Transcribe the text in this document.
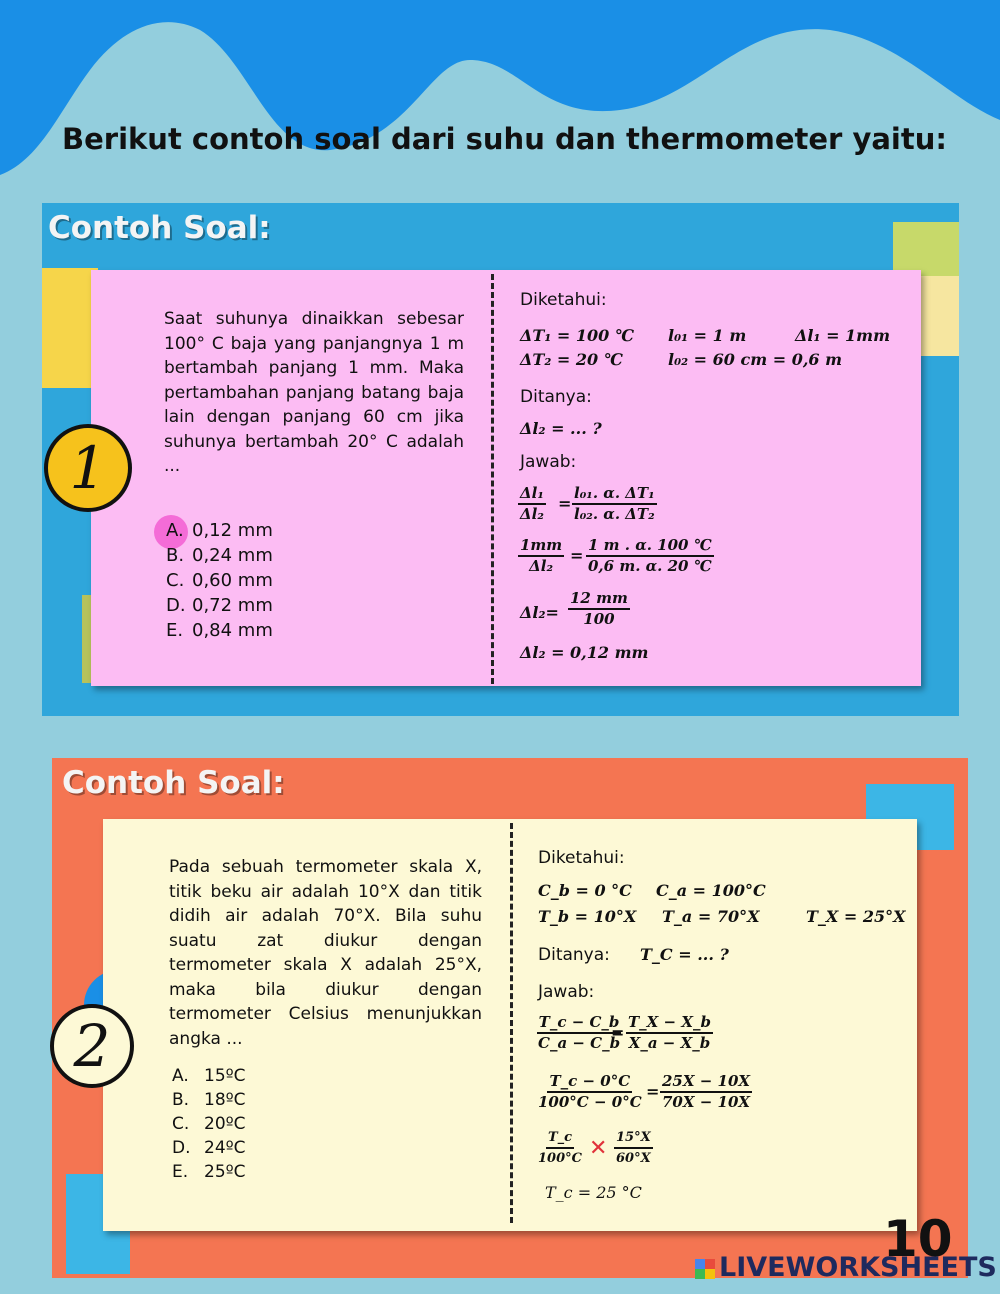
Berikut contoh soal dari suhu dan thermometer yaitu:
Contoh Soal:
1
Saat suhunya dinaikkan sebesar 100° C baja yang panjangnya 1 m bertambah panjang 1 mm. Maka pertambahan panjang batang baja lain dengan panjang 60 cm jika suhunya bertambah 20° C adalah ...
A. 0,12 mm
B. 0,24 mm
C. 0,60 mm
D. 0,72 mm
E. 0,84 mm
Diketahui:
ΔT₁ = 100 ℃ l₀₁ = 1 m	Δl₁ = 1mm
ΔT₂ = 20 ℃	l₀₂ = 60 cm = 0,6 m
Ditanya:
Δl₂ = ... ?
Jawab:
$\frac{\text{Δl₁}}{\text{Δl₂}} = \frac{\text{l₀₁. α. ΔT₁}}{\text{l₀₂. α. ΔT₂}}$
$\frac{1mm}{\text{Δl₂}} = \frac{1 m . \alpha. 100 ℃}{0,6 m. \alpha. 20 ℃}$
$\Delta l_2= \frac{12 mm}{100}$
Δl₂ = 0,12 mm
Contoh Soal:
2
Pada sebuah termometer skala X, titik beku air adalah 10°X dan titik didih air adalah 70°X. Bila suhu suatu zat diukur dengan termometer skala X adalah 25°X, maka bila diukur dengan termometer Celsius menunjukkan angka ...
A. 15ºC
B. 18ºC
C. 20ºC
D. 24ºC
E. 25ºC
Diketahui:
C_b = 0 °C C_a = 100°C
T_b = 10°X T_a = 70°X	T_X = 25°X
Ditanya: T_C = ... ?
Jawab:
$\frac{T\_c - C\_b}{C\_a - C\_b}$
= $\frac{T\_X - X\_b}{X\_a - X\_b}$
$\frac{T\_c - 0^\circ C}{100^\circ C - 0^\circ C} = \frac{25X - 10X}{70X - 10X}$
$\frac{T\_c}{100^\circ C}$ ✕ $\frac{15^\circ X}{60^\circ X}$
T_c = 25 °C
10
LIVEWORKSHEETS
